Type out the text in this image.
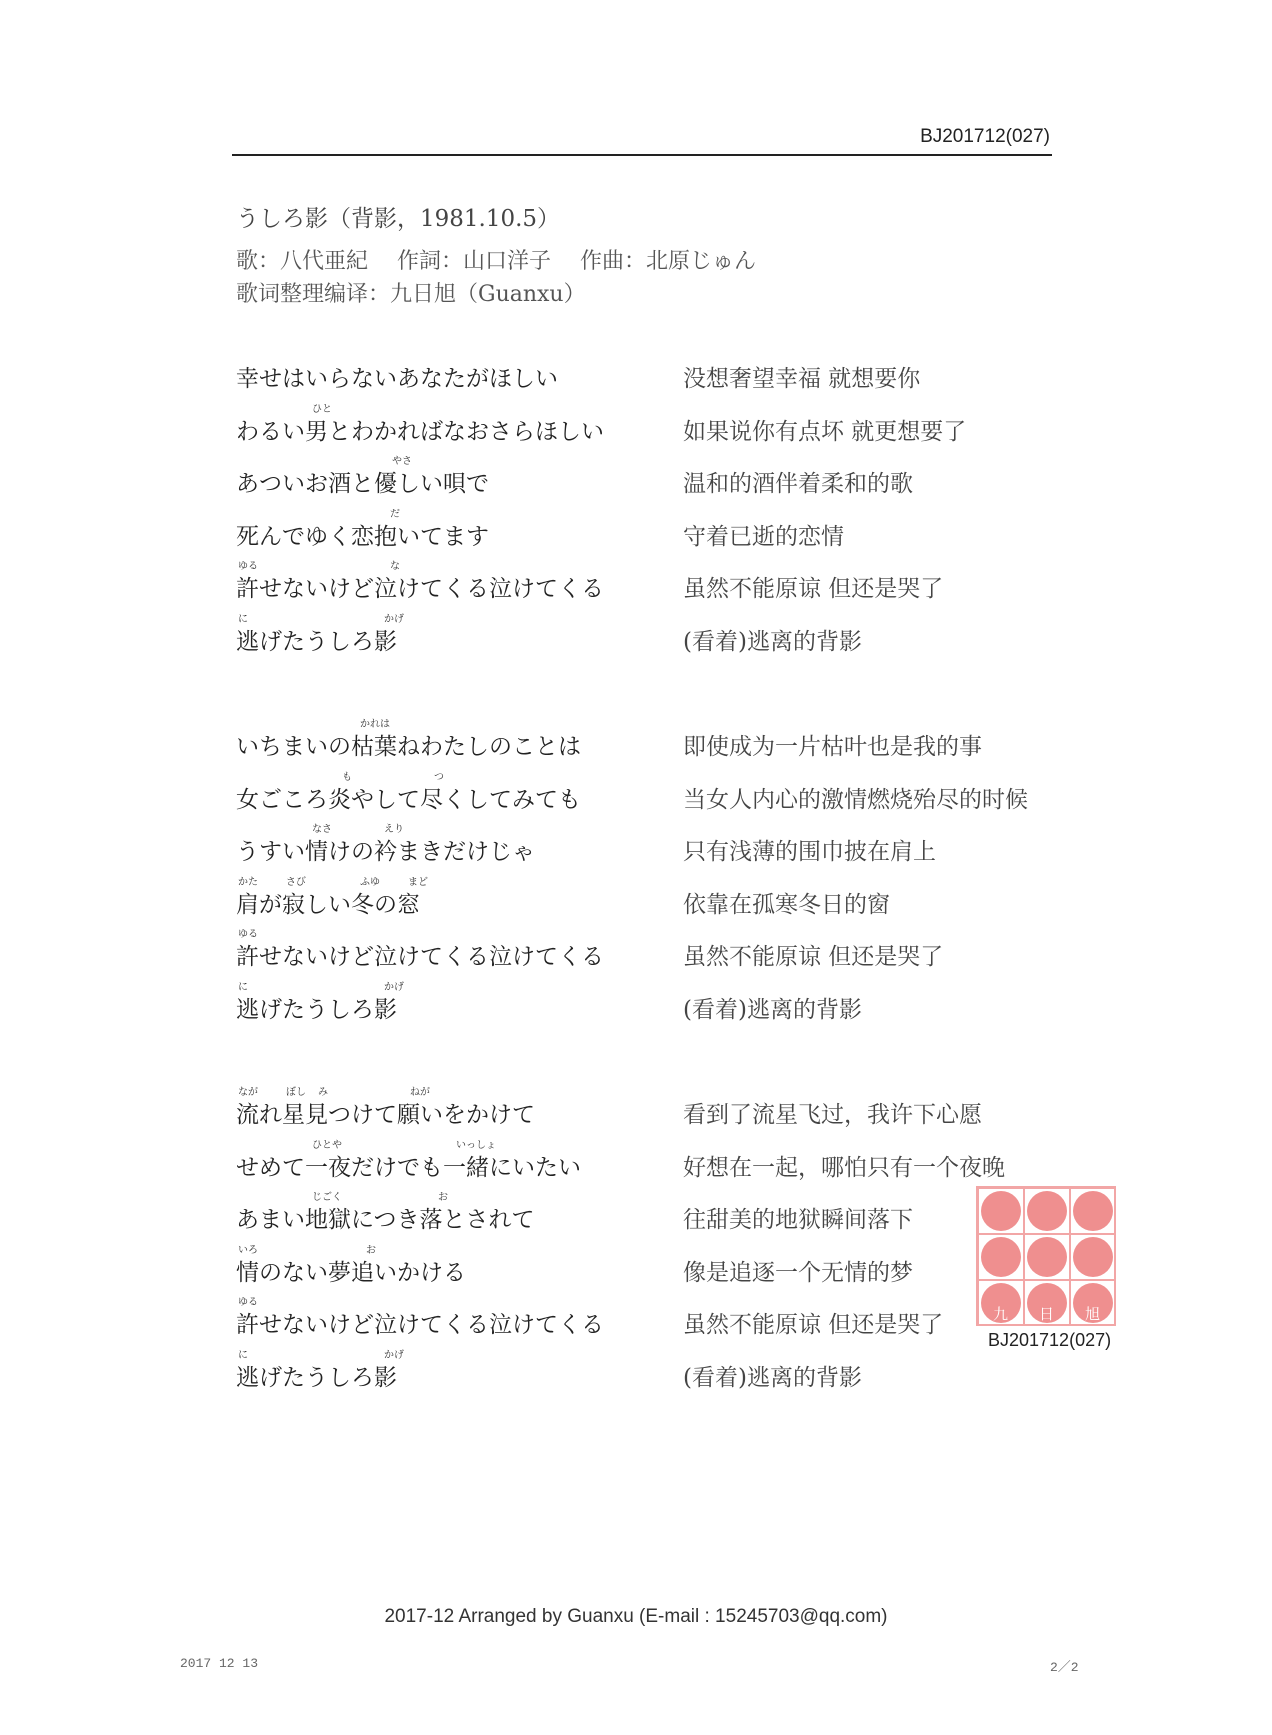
BJ201712(027)
うしろ影（背影，1981.10.5）
歌：八代亜紀 作詞：山口洋子 作曲：北原じゅん
歌词整理编译：九日旭（Guanxu）
幸せはいらないあなたがほしい	没想奢望幸福 就想要你
わるい男とわかればなおさらほしい	如果说你有点坏 就更想要了
あついお酒と優しい唄で	温和的酒伴着柔和的歌
死んでゆく恋抱いてます	守着已逝的恋情
許せないけど泣けてくる泣けてくる	虽然不能原谅 但还是哭了
逃げたうしろ影	(看着)逃离的背影
いちまいの枯葉ねわたしのことは	即使成为一片枯叶也是我的事
女ごころ炎やして尽くしてみても	当女人内心的激情燃烧殆尽的时候
うすい情けの衿まきだけじゃ	只有浅薄的围巾披在肩上
肩が寂しい冬の窓	依靠在孤寒冬日的窗
許せないけど泣けてくる泣けてくる	虽然不能原谅 但还是哭了
逃げたうしろ影	(看着)逃离的背影
流れ星見つけて願いをかけて	看到了流星飞过，我许下心愿
せめて一夜だけでも一緒にいたい	好想在一起，哪怕只有一个夜晚
あまい地獄につき落とされて	往甜美的地狱瞬间落下
情のない夢追いかける	像是追逐一个无情的梦
許せないけど泣けてくる泣けてくる	虽然不能原谅 但还是哭了
逃げたうしろ影	(看着)逃离的背影
ひと
やさ
だ
ゆる	な
に	かげ
かれは
も	つ
なさ	えり
かた	さび	ふゆ	まど
ゆる
に	かげ
なが	ぼし み	ねが
ひとや	いっしょ
じごく	お
いろ	お
ゆる
に	かげ
九 日 旭
BJ201712(027)
2017-12 Arranged by Guanxu (E-mail : 15245703@qq.com)
2017 12 13	2／2
